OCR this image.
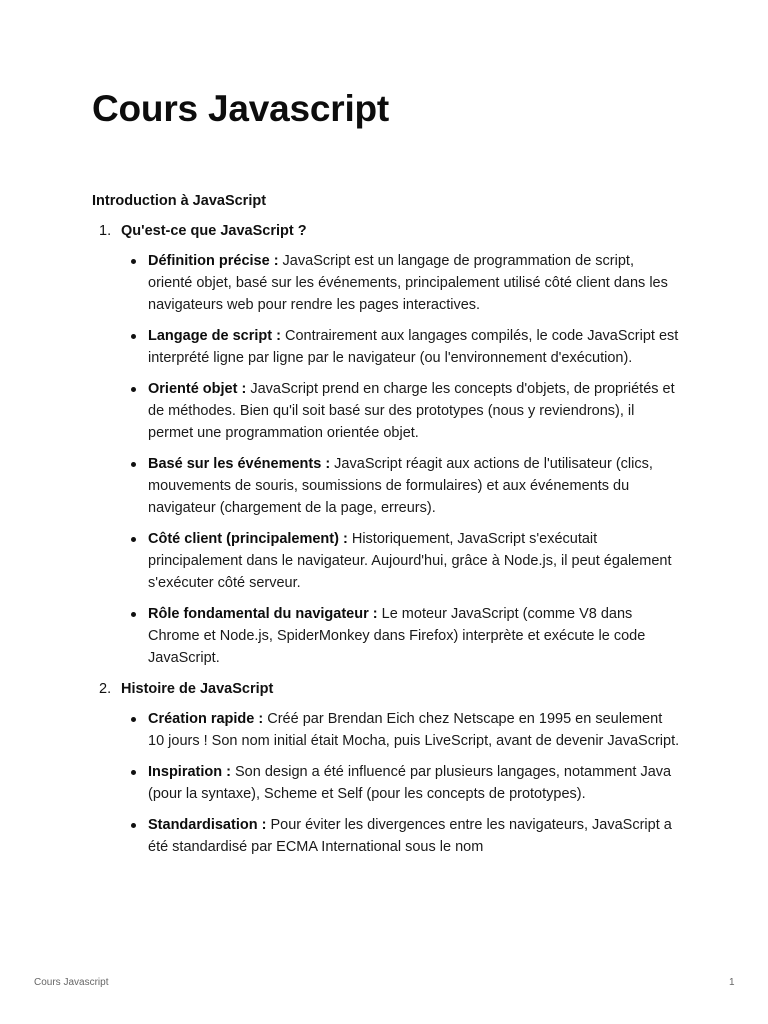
Cours Javascript
Introduction à JavaScript
1. Qu'est-ce que JavaScript ?
Définition précise : JavaScript est un langage de programmation de script, orienté objet, basé sur les événements, principalement utilisé côté client dans les navigateurs web pour rendre les pages interactives.
Langage de script : Contrairement aux langages compilés, le code JavaScript est interprété ligne par ligne par le navigateur (ou l'environnement d'exécution).
Orienté objet : JavaScript prend en charge les concepts d'objets, de propriétés et de méthodes. Bien qu'il soit basé sur des prototypes (nous y reviendrons), il permet une programmation orientée objet.
Basé sur les événements : JavaScript réagit aux actions de l'utilisateur (clics, mouvements de souris, soumissions de formulaires) et aux événements du navigateur (chargement de la page, erreurs).
Côté client (principalement) : Historiquement, JavaScript s'exécutait principalement dans le navigateur. Aujourd'hui, grâce à Node.js, il peut également s'exécuter côté serveur.
Rôle fondamental du navigateur : Le moteur JavaScript (comme V8 dans Chrome et Node.js, SpiderMonkey dans Firefox) interprète et exécute le code JavaScript.
2. Histoire de JavaScript
Création rapide : Créé par Brendan Eich chez Netscape en 1995 en seulement 10 jours ! Son nom initial était Mocha, puis LiveScript, avant de devenir JavaScript.
Inspiration : Son design a été influencé par plusieurs langages, notamment Java (pour la syntaxe), Scheme et Self (pour les concepts de prototypes).
Standardisation : Pour éviter les divergences entre les navigateurs, JavaScript a été standardisé par ECMA International sous le nom
Cours Javascript	1
